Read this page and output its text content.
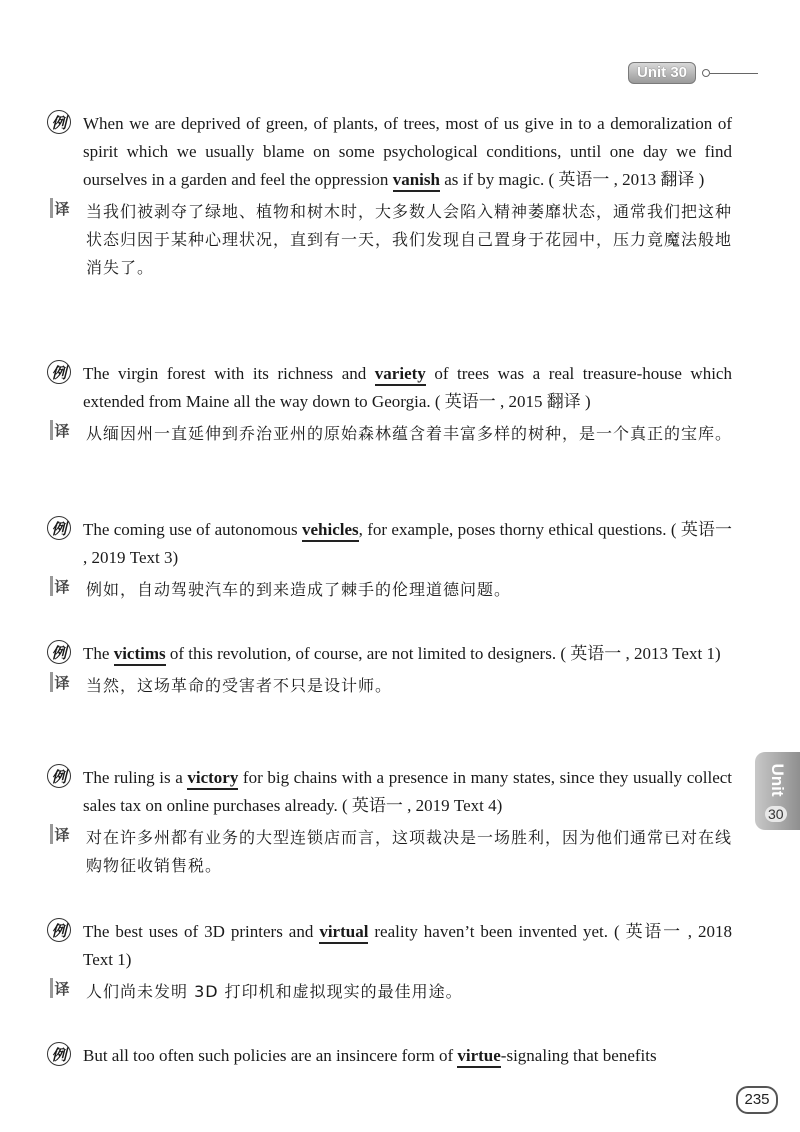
Unit 30
Unit
30
例 When we are deprived of green, of plants, of trees, most of us give in to a demoralization of spirit which we usually blame on some psychological conditions, until one day we find ourselves in a garden and feel the oppression vanish as if by magic. ( 英语一 , 2013 翻译 )
译 当我们被剥夺了绿地、植物和树木时，大多数人会陷入精神萎靡状态，通常我们把这种状态归因于某种心理状况，直到有一天，我们发现自己置身于花园中，压力竟魔法般地消失了。
例 The virgin forest with its richness and variety of trees was a real treasure-house which extended from Maine all the way down to Georgia. ( 英语一 , 2015 翻译 )
译 从缅因州一直延伸到乔治亚州的原始森林蕴含着丰富多样的树种，是一个真正的宝库。
例 The coming use of autonomous vehicles, for example, poses thorny ethical questions. ( 英语一 , 2019 Text 3)
译 例如，自动驾驶汽车的到来造成了棘手的伦理道德问题。
例 The victims of this revolution, of course, are not limited to designers. ( 英语一 , 2013 Text 1)
译 当然，这场革命的受害者不只是设计师。
例 The ruling is a victory for big chains with a presence in many states, since they usually collect sales tax on online purchases already. ( 英语一 , 2019 Text 4)
译 对在许多州都有业务的大型连锁店而言，这项裁决是一场胜利，因为他们通常已对在线购物征收销售税。
例 The best uses of 3D printers and virtual reality haven’t been invented yet. ( 英语一 , 2018 Text 1)
译 人们尚未发明 3D 打印机和虚拟现实的最佳用途。
例 But all too often such policies are an insincere form of virtue-signaling that benefits
235
